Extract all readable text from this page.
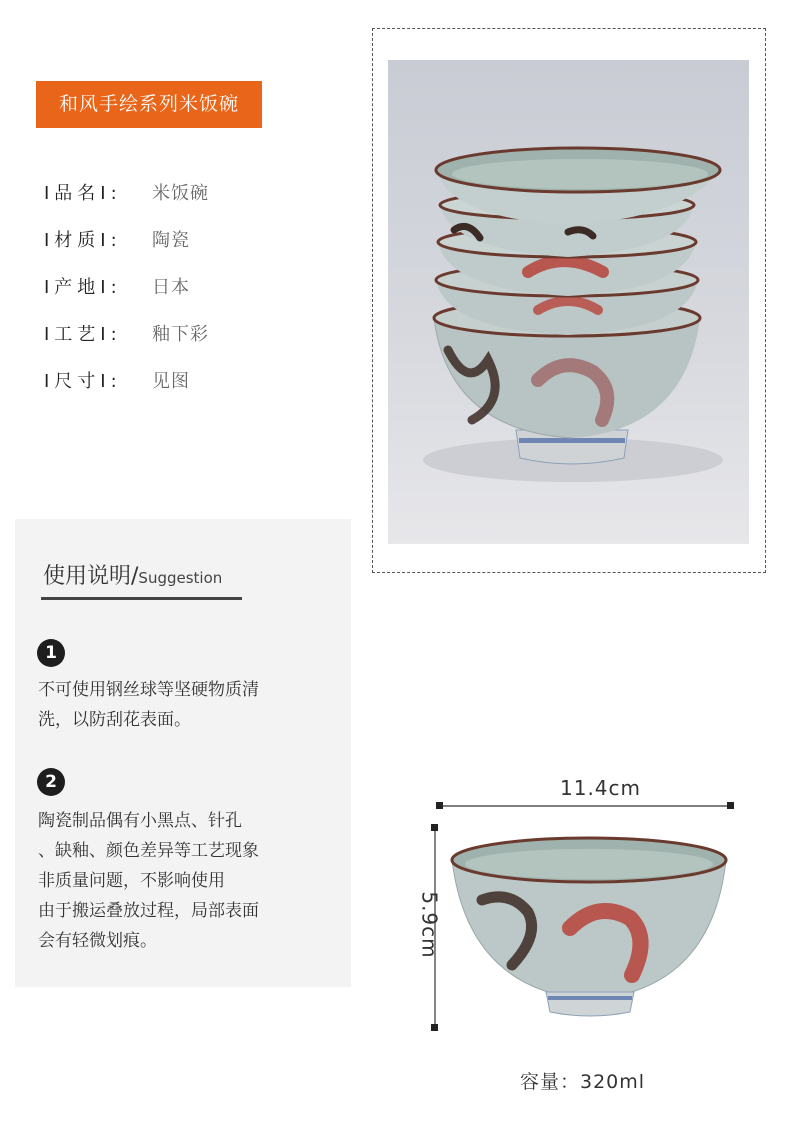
和风手绘系列米饭碗
I品名I:	米饭碗
I材质I:	陶瓷
I产地I:	日本
I工艺I:	釉下彩
I尺寸I:	见图
使用说明/Suggestion
1
不可使用钢丝球等坚硬物质清
洗，以防刮花表面。
2
陶瓷制品偶有小黑点、针孔
、缺釉、颜色差异等工艺现象
非质量问题，不影响使用
由于搬运叠放过程，局部表面
会有轻微划痕。
11.4cm
5.9cm
容量：320ml
